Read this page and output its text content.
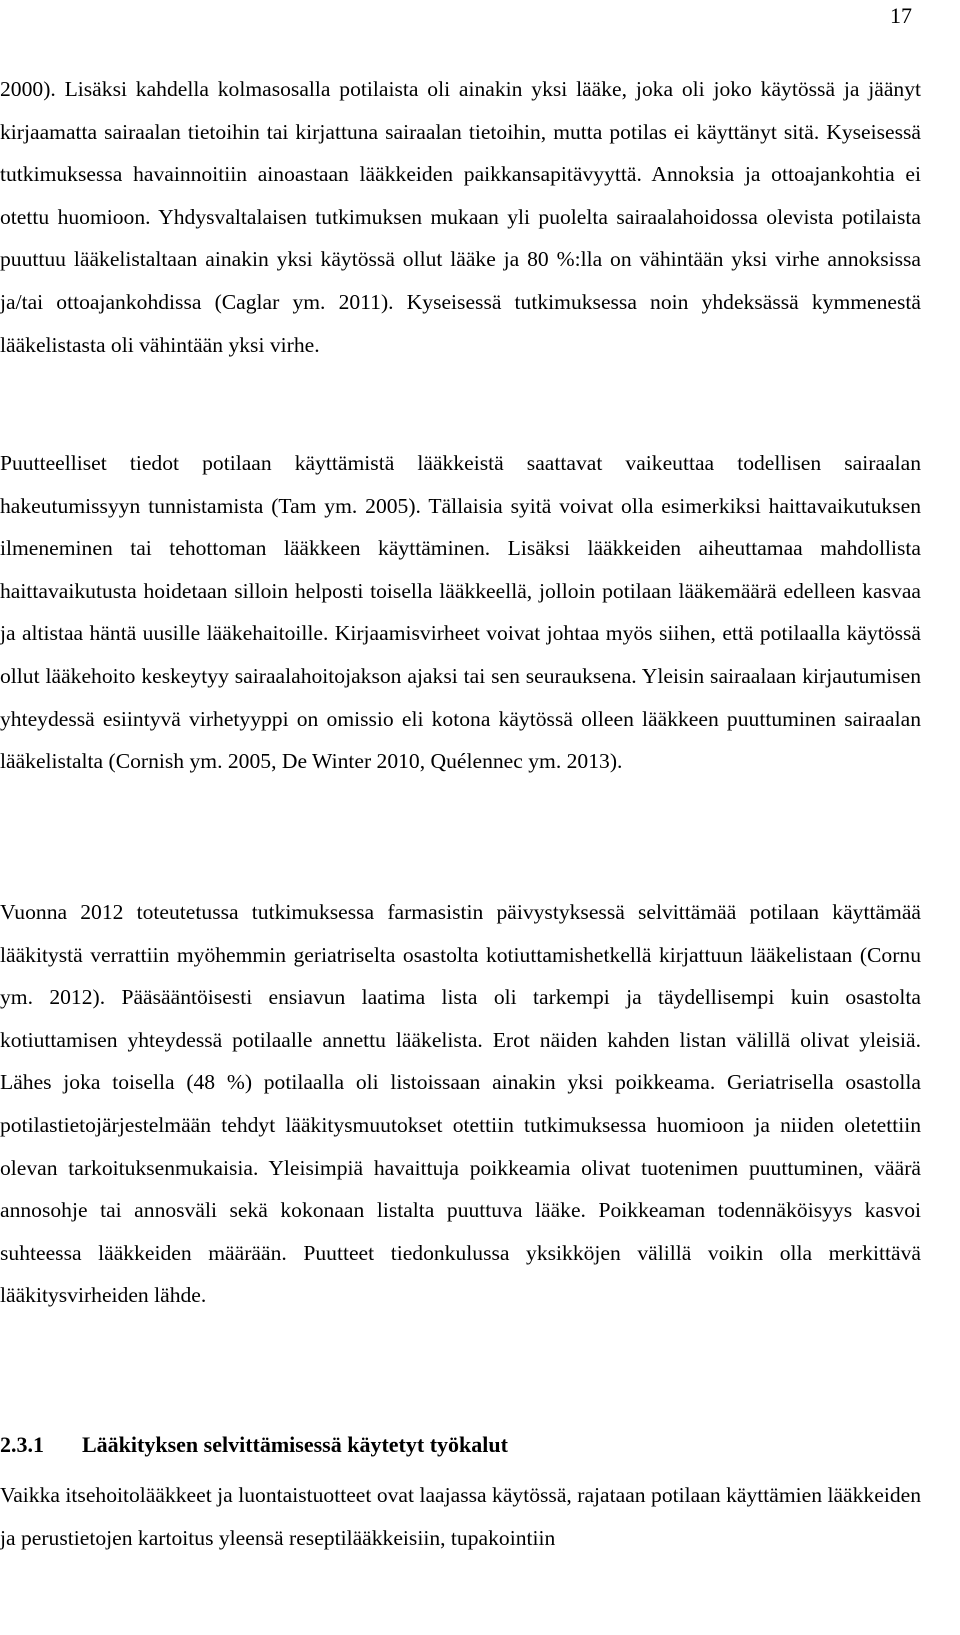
17

2000). Lisäksi kahdella kolmasosalla potilaista oli ainakin yksi lääke, joka oli joko käytössä ja jäänyt kirjaamatta sairaalan tietoihin tai kirjattuna sairaalan tietoihin, mutta potilas ei käyttänyt sitä. Kyseisessä tutkimuksessa havainnoitiin ainoastaan lääkkeiden paikkansapitävyyttä. Annoksia ja ottoajankohtia ei otettu huomioon. Yhdysvaltalaisen tutkimuksen mukaan yli puolelta sairaalahoidossa olevista potilaista puuttuu lääkelistaltaan ainakin yksi käytössä ollut lääke ja 80 %:lla on vähintään yksi virhe annoksissa ja/tai ottoajankohdissa (Caglar ym. 2011). Kyseisessä tutkimuksessa noin yhdeksässä kymmenestä lääkelistasta oli vähintään yksi virhe.

Puutteelliset tiedot potilaan käyttämistä lääkkeistä saattavat vaikeuttaa todellisen sairaalan hakeutumissyyn tunnistamista (Tam ym. 2005). Tällaisia syitä voivat olla esimerkiksi haittavaikutuksen ilmeneminen tai tehottoman lääkkeen käyttäminen. Lisäksi lääkkeiden aiheuttamaa mahdollista haittavaikutusta hoidetaan silloin helposti toisella lääkkeellä, jolloin potilaan lääkemäärä edelleen kasvaa ja altistaa häntä uusille lääkehaitoille. Kirjaamisvirheet voivat johtaa myös siihen, että potilaalla käytössä ollut lääkehoito keskeytyy sairaalahoitojakson ajaksi tai sen seurauksena. Yleisin sairaalaan kirjautumisen yhteydessä esiintyvä virhetyyppi on omissio eli kotona käytössä olleen lääkkeen puuttuminen sairaalan lääkelistalta (Cornish ym. 2005, De Winter 2010, Quélennec ym. 2013).

Vuonna 2012 toteutetussa tutkimuksessa farmasistin päivystyksessä selvittämää potilaan käyttämää lääkitystä verrattiin myöhemmin geriatriselta osastolta kotiuttamishetkellä kirjattuun lääkelistaan (Cornu ym. 2012). Pääsääntöisesti ensiavun laatima lista oli tarkempi ja täydellisempi kuin osastolta kotiuttamisen yhteydessä potilaalle annettu lääkelista. Erot näiden kahden listan välillä olivat yleisiä. Lähes joka toisella (48 %) potilaalla oli listoissaan ainakin yksi poikkeama. Geriatrisella osastolla potilastietojärjestelmään tehdyt lääkitysmuutokset otettiin tutkimuksessa huomioon ja niiden oletettiin olevan tarkoituksenmukaisia. Yleisimpiä havaittuja poikkeamia olivat tuotenimen puuttuminen, väärä annosohje tai annosväli sekä kokonaan listalta puuttuva lääke. Poikkeaman todennäköisyys kasvoi suhteessa lääkkeiden määrään. Puutteet tiedonkulussa yksikköjen välillä voikin olla merkittävä lääkitysvirheiden lähde.

2.3.1 Lääkityksen selvittämisessä käytetyt työkalut

Vaikka itsehoitolääkkeet ja luontaistuotteet ovat laajassa käytössä, rajataan potilaan käyttämien lääkkeiden ja perustietojen kartoitus yleensä reseptilääkkeisiin, tupakointiin
